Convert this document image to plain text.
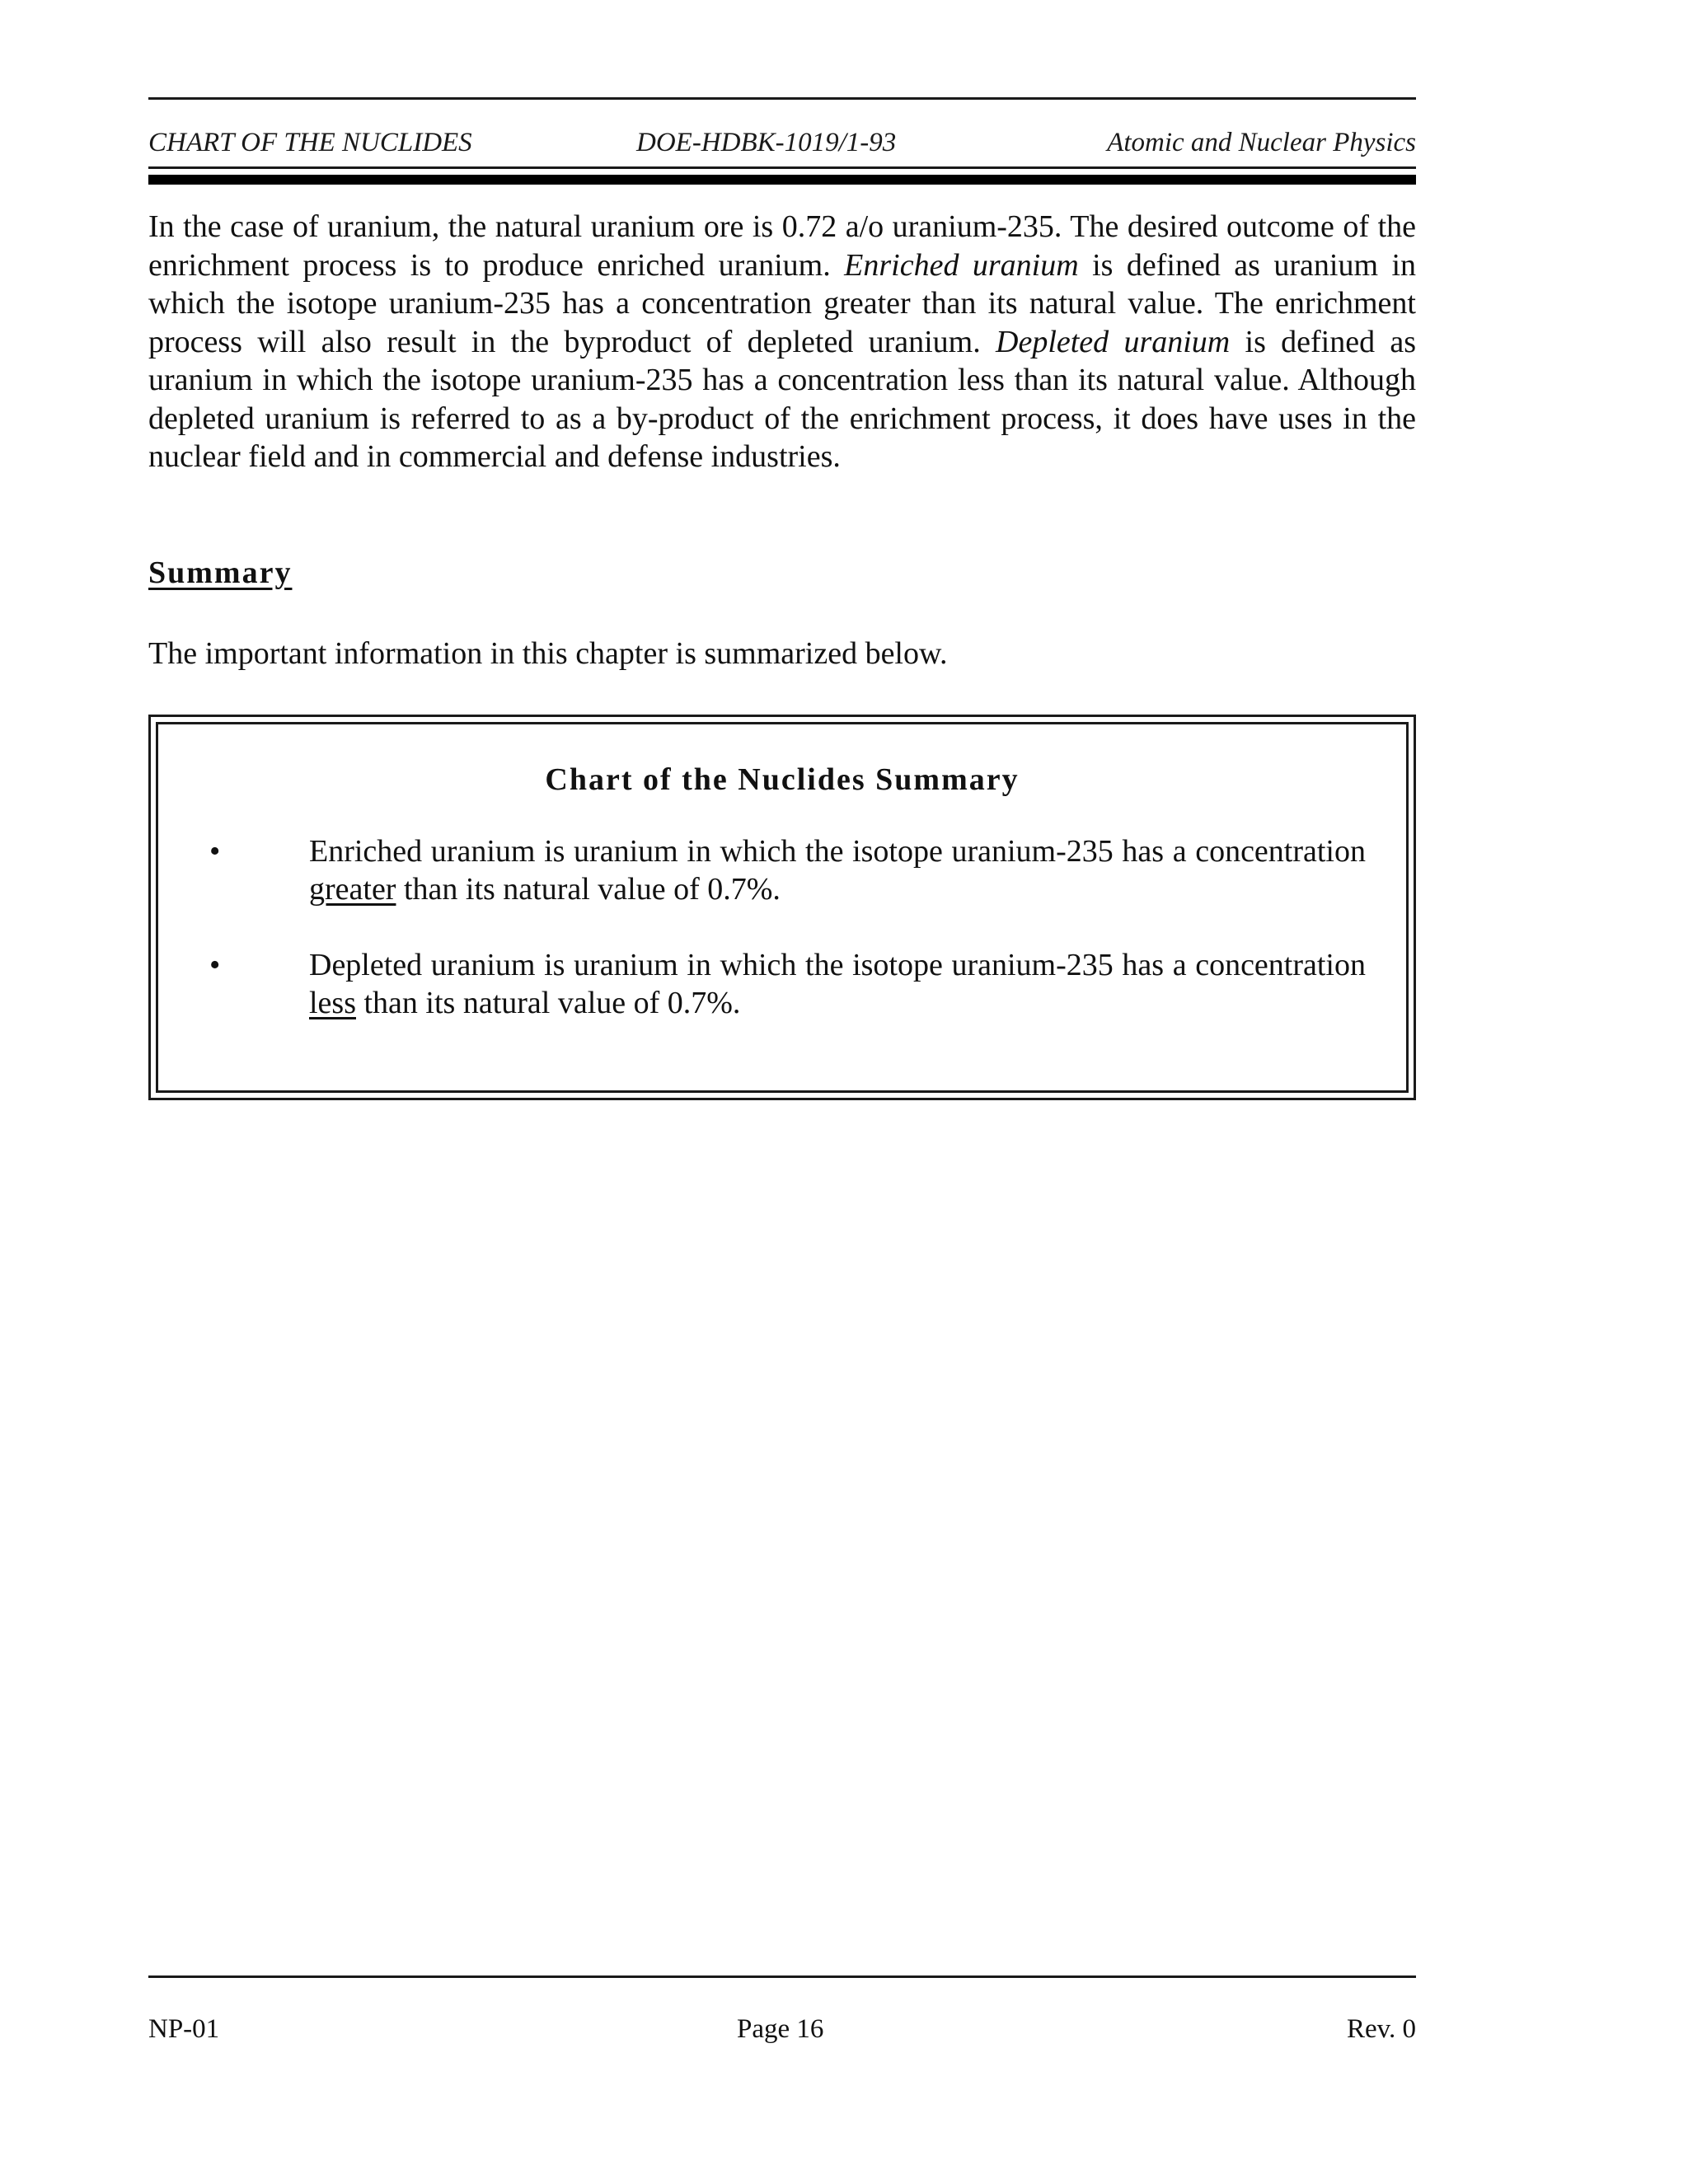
CHART OF THE NUCLIDES	DOE-HDBK-1019/1-93	Atomic and Nuclear Physics

In the case of uranium, the natural uranium ore is 0.72 a/o uranium-235. The desired outcome of the enrichment process is to produce enriched uranium. Enriched uranium is defined as uranium in which the isotope uranium-235 has a concentration greater than its natural value. The enrichment process will also result in the byproduct of depleted uranium. Depleted uranium is defined as uranium in which the isotope uranium-235 has a concentration less than its natural value. Although depleted uranium is referred to as a by-product of the enrichment process, it does have uses in the nuclear field and in commercial and defense industries.

Summary

The important information in this chapter is summarized below.

Chart of the Nuclides Summary
•	Enriched uranium is uranium in which the isotope uranium-235 has a concentration greater than its natural value of 0.7%.

•	Depleted uranium is uranium in which the isotope uranium-235 has a concentration less than its natural value of 0.7%.

NP-01	Page 16	Rev. 0
